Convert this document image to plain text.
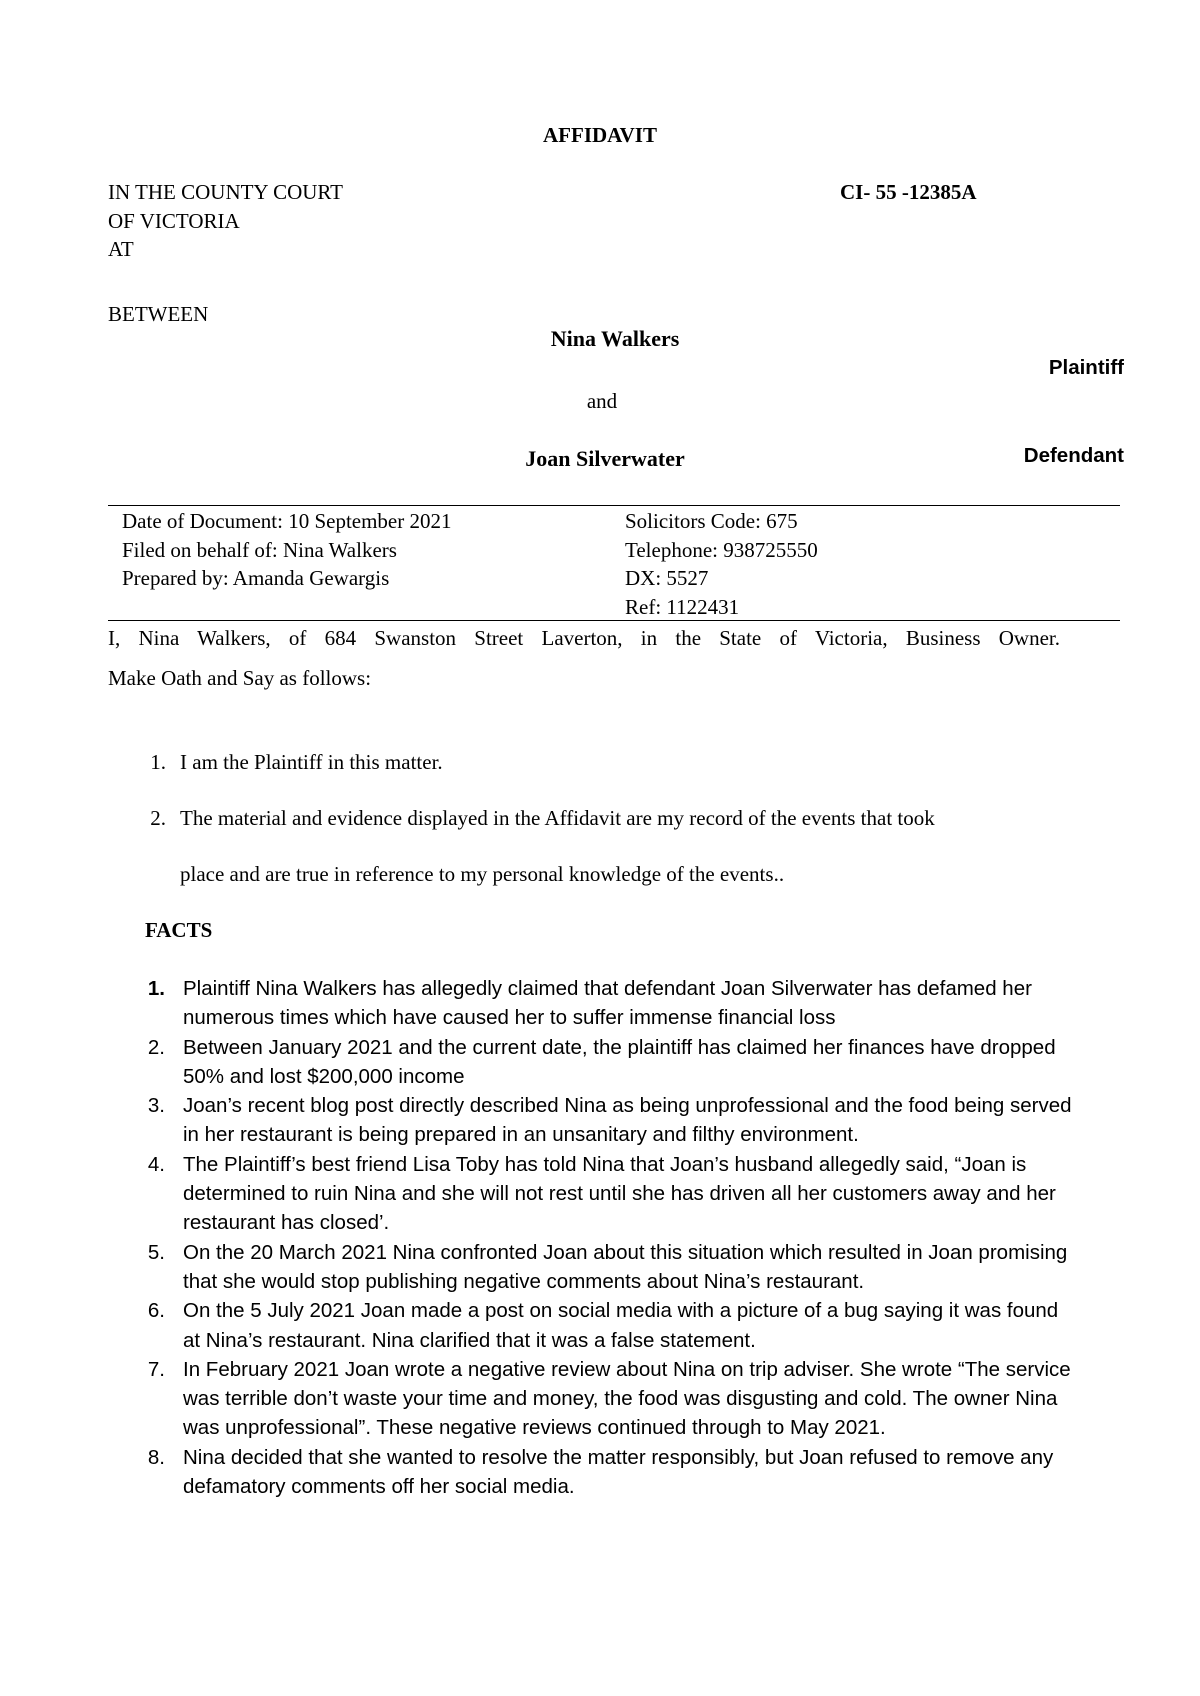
AFFIDAVIT
IN THE COUNTY COURT
OF VICTORIA
AT
CI- 55 -12385A
BETWEEN
Nina Walkers
Plaintiff
and
Joan Silverwater	Defendant
Date of Document: 10 September 2021
Filed on behalf of: Nina Walkers
Prepared by: Amanda Gewargis
Solicitors Code: 675
Telephone: 938725550
DX: 5527
Ref: 1122431
I, Nina Walkers, of 684 Swanston Street Laverton, in the State of Victoria, Business Owner.
Make Oath and Say as follows:
1. I am the Plaintiff in this matter.
2. The material and evidence displayed in the Affidavit are my record of the events that took
place and are true in reference to my personal knowledge of the events..
FACTS
1. Plaintiff Nina Walkers has allegedly claimed that defendant Joan Silverwater has defamed her numerous times which have caused her to suffer immense financial loss
2. Between January 2021 and the current date, the plaintiff has claimed her finances have dropped 50% and lost $200,000 income
3. Joan’s recent blog post directly described Nina as being unprofessional and the food being served in her restaurant is being prepared in an unsanitary and filthy environment.
4. The Plaintiff’s best friend Lisa Toby has told Nina that Joan’s husband allegedly said, “Joan is determined to ruin Nina and she will not rest until she has driven all her customers away and her restaurant has closed’.
5. On the 20 March 2021 Nina confronted Joan about this situation which resulted in Joan promising that she would stop publishing negative comments about Nina’s restaurant.
6. On the 5 July 2021 Joan made a post on social media with a picture of a bug saying it was found at Nina’s restaurant. Nina clarified that it was a false statement.
7. In February 2021 Joan wrote a negative review about Nina on trip adviser. She wrote “The service was terrible don’t waste your time and money, the food was disgusting and cold. The owner Nina was unprofessional”. These negative reviews continued through to May 2021.
8. Nina decided that she wanted to resolve the matter responsibly, but Joan refused to remove any defamatory comments off her social media.
